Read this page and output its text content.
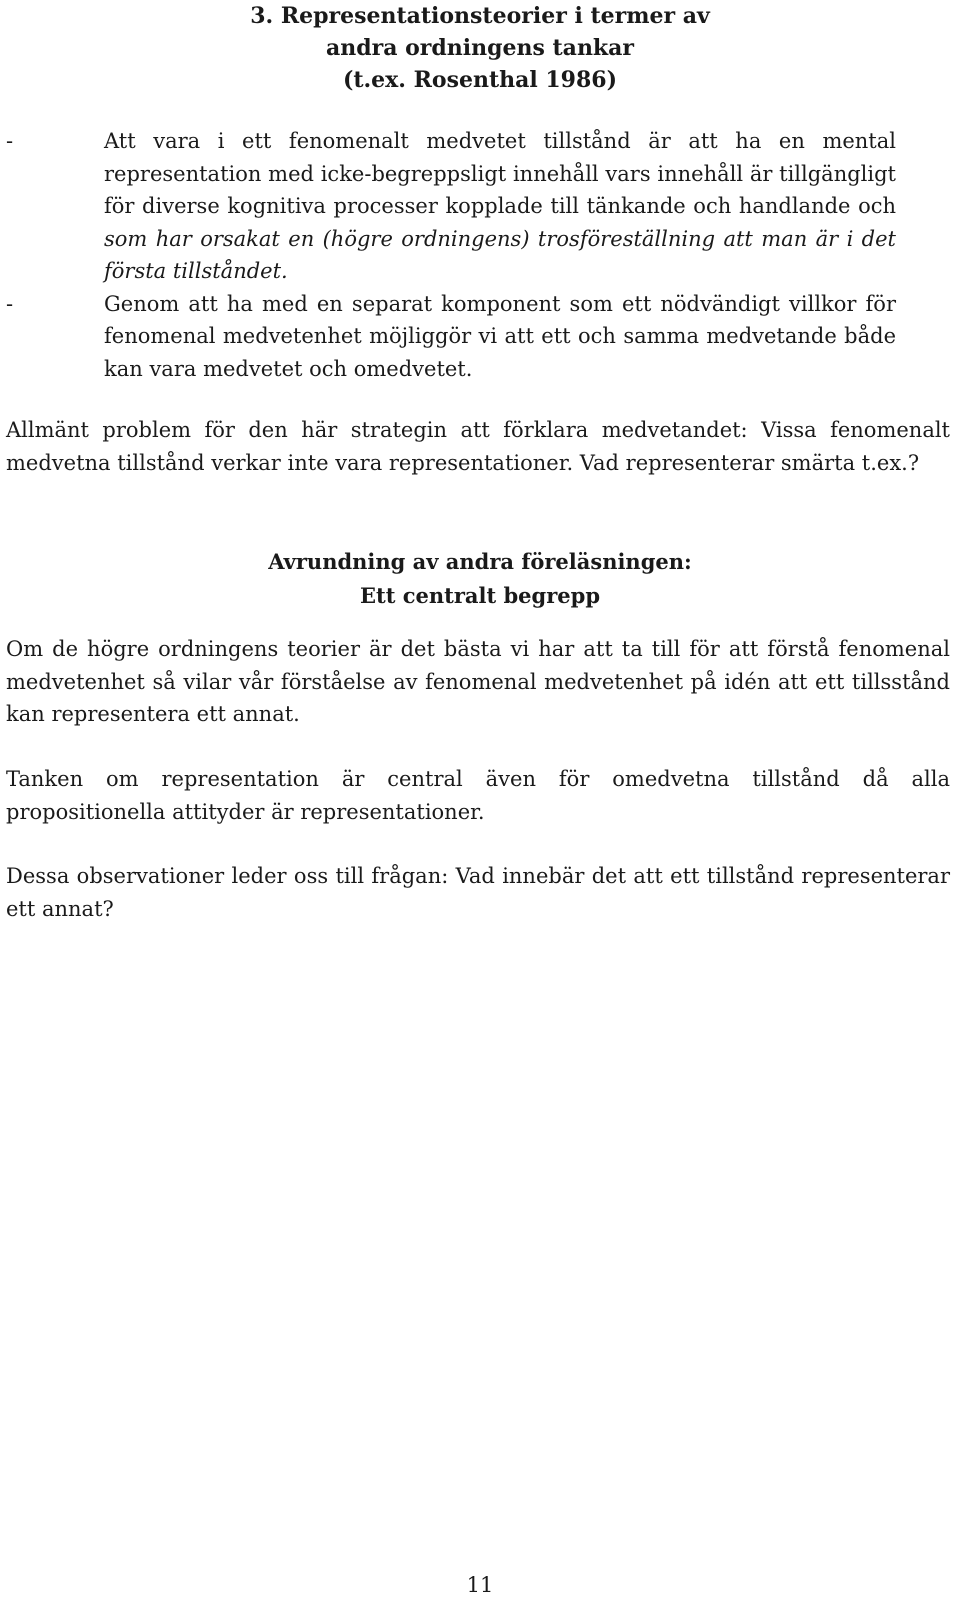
3. Representationsteorier i termer av
andra ordningens tankar
(t.ex. Rosenthal 1986)
-	Att vara i ett fenomenalt medvetet tillstånd är att ha en mental representation med icke-begreppsligt innehåll vars innehåll är tillgängligt för diverse kognitiva processer kopplade till tänkande och handlande och som har orsakat en (högre ordningens) trosföreställning att man är i det första tillståndet.
-	Genom att ha med en separat komponent som ett nödvändigt villkor för fenomenal medvetenhet möjliggör vi att ett och samma medvetande både kan vara medvetet och omedvetet.

Allmänt problem för den här strategin att förklara medvetandet: Vissa fenomenalt medvetna tillstånd verkar inte vara representationer. Vad representerar smärta t.ex.?

Avrundning av andra föreläsningen:
Ett centralt begrepp

Om de högre ordningens teorier är det bästa vi har att ta till för att förstå fenomenal medvetenhet så vilar vår förståelse av fenomenal medvetenhet på idén att ett tillsstånd kan representera ett annat.

Tanken om representation är central även för omedvetna tillstånd då alla propositionella attityder är representationer.

Dessa observationer leder oss till frågan: Vad innebär det att ett tillstånd representerar ett annat?

11
